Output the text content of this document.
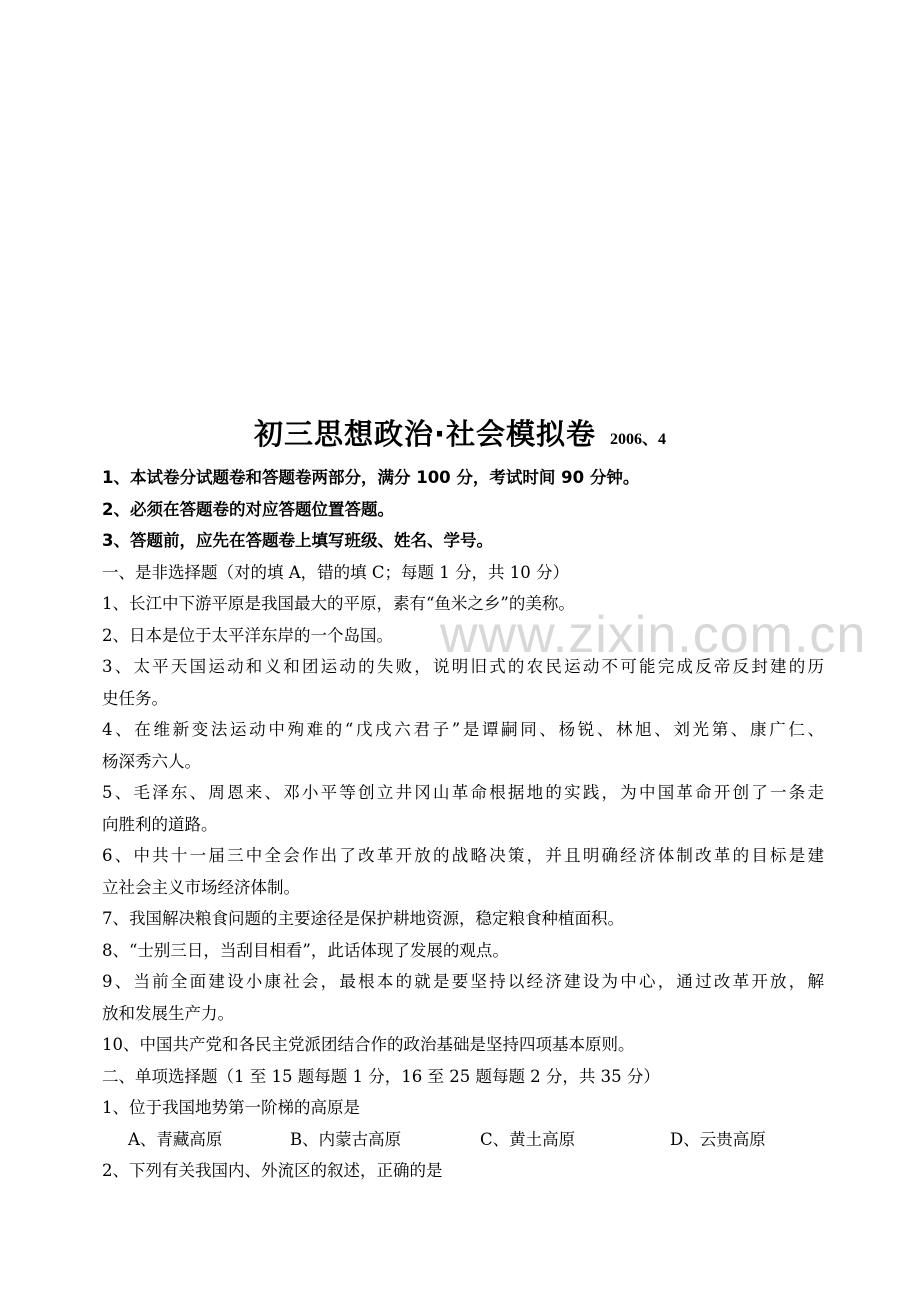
初三思想政治·社会模拟卷 2006、4
www.zixin.com.cn
1、本试卷分试题卷和答题卷两部分，满分 100 分，考试时间 90 分钟。
2、必须在答题卷的对应答题位置答题。
3、答题前，应先在答题卷上填写班级、姓名、学号。
一、是非选择题（对的填 A，错的填 C；每题 1 分，共 10 分）
1、长江中下游平原是我国最大的平原，素有“鱼米之乡”的美称。
2、日本是位于太平洋东岸的一个岛国。
3、太平天国运动和义和团运动的失败，说明旧式的农民运动不可能完成反帝反封建的历
史任务。
4、在维新变法运动中殉难的“戊戌六君子”是谭嗣同、杨锐、林旭、刘光第、康广仁、
杨深秀六人。
5、毛泽东、周恩来、邓小平等创立井冈山革命根据地的实践，为中国革命开创了一条走
向胜利的道路。
6、中共十一届三中全会作出了改革开放的战略决策，并且明确经济体制改革的目标是建
立社会主义市场经济体制。
7、我国解决粮食问题的主要途径是保护耕地资源，稳定粮食种植面积。
8、“士别三日，当刮目相看”，此话体现了发展的观点。
9、当前全面建设小康社会，最根本的就是要坚持以经济建设为中心，通过改革开放，解
放和发展生产力。
10、中国共产党和各民主党派团结合作的政治基础是坚持四项基本原则。
二、单项选择题（1 至 15 题每题 1 分，16 至 25 题每题 2 分，共 35 分）
1、位于我国地势第一阶梯的高原是
A、青藏高原	B、内蒙古高原	C、黄土高原	D、云贵高原
2、下列有关我国内、外流区的叙述，正确的是
